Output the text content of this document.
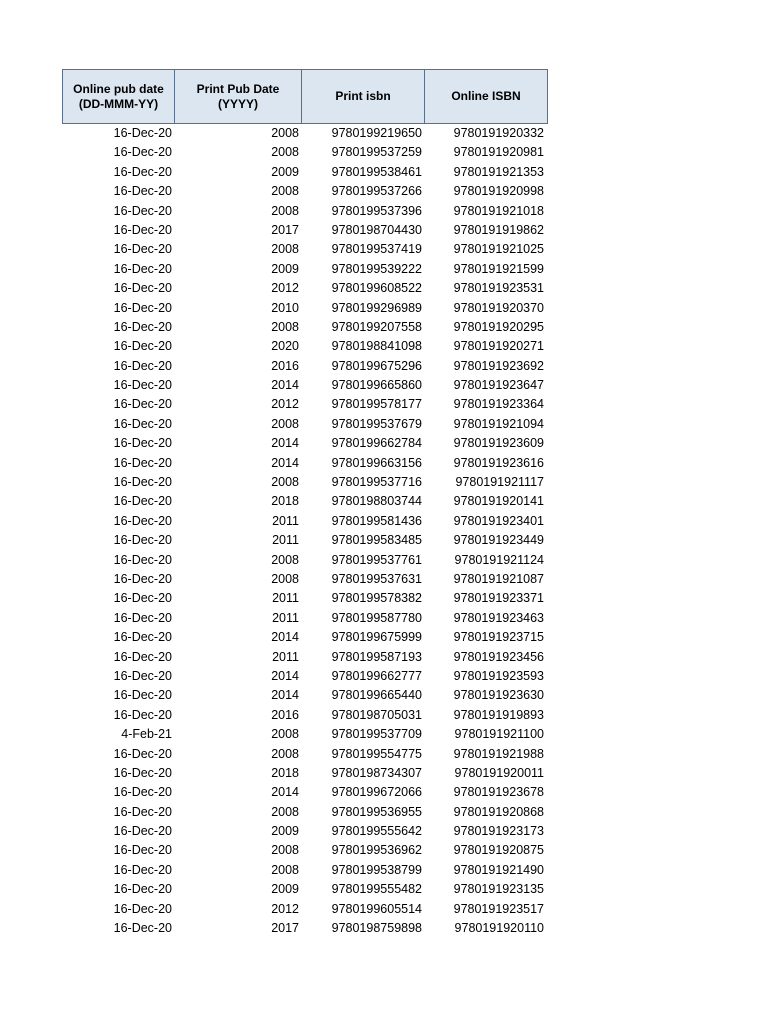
Online pub date
(DD-MMM-YY)
Print Pub Date
(YYYY)
Print isbn	Online ISBN
16-Dec-20	2008	9780199219650	9780191920332
16-Dec-20	2008	9780199537259	9780191920981
16-Dec-20	2009	9780199538461	9780191921353
16-Dec-20	2008	9780199537266	9780191920998
16-Dec-20	2008	9780199537396	9780191921018
16-Dec-20	2017	9780198704430	9780191919862
16-Dec-20	2008	9780199537419	9780191921025
16-Dec-20	2009	9780199539222	9780191921599
16-Dec-20	2012	9780199608522	9780191923531
16-Dec-20	2010	9780199296989	9780191920370
16-Dec-20	2008	9780199207558	9780191920295
16-Dec-20	2020	9780198841098	9780191920271
16-Dec-20	2016	9780199675296	9780191923692
16-Dec-20	2014	9780199665860	9780191923647
16-Dec-20	2012	9780199578177	9780191923364
16-Dec-20	2008	9780199537679	9780191921094
16-Dec-20	2014	9780199662784	9780191923609
16-Dec-20	2014	9780199663156	9780191923616
16-Dec-20	2008	9780199537716	9780191921117
16-Dec-20	2018	9780198803744	9780191920141
16-Dec-20	2011	9780199581436	9780191923401
16-Dec-20	2011	9780199583485	9780191923449
16-Dec-20	2008	9780199537761	9780191921124
16-Dec-20	2008	9780199537631	9780191921087
16-Dec-20	2011	9780199578382	9780191923371
16-Dec-20	2011	9780199587780	9780191923463
16-Dec-20	2014	9780199675999	9780191923715
16-Dec-20	2011	9780199587193	9780191923456
16-Dec-20	2014	9780199662777	9780191923593
16-Dec-20	2014	9780199665440	9780191923630
16-Dec-20	2016	9780198705031	9780191919893
4-Feb-21	2008	9780199537709	9780191921100
16-Dec-20	2008	9780199554775	9780191921988
16-Dec-20	2018	9780198734307	9780191920011
16-Dec-20	2014	9780199672066	9780191923678
16-Dec-20	2008	9780199536955	9780191920868
16-Dec-20	2009	9780199555642	9780191923173
16-Dec-20	2008	9780199536962	9780191920875
16-Dec-20	2008	9780199538799	9780191921490
16-Dec-20	2009	9780199555482	9780191923135
16-Dec-20	2012	9780199605514	9780191923517
16-Dec-20	2017	9780198759898	9780191920110
